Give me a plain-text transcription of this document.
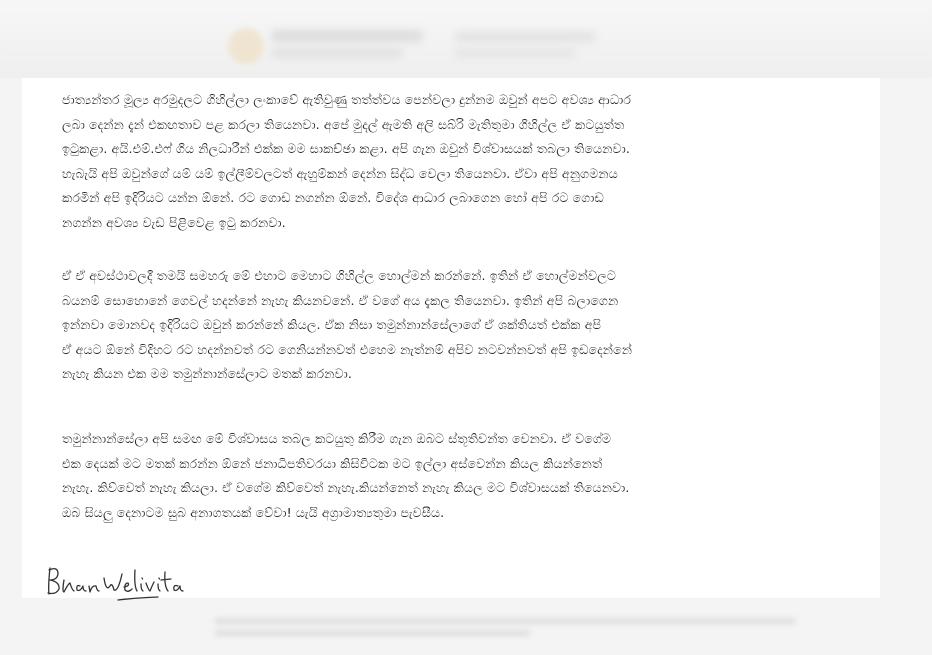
ජාත්‍යන්තර මූල්‍ය අරමුදලට ගිහිල්ලා ලංකාවේ ඇතිවුණු තත්ත්වය පෙන්වලා දුන්නම ඔවුන් අපට අවශ්‍ය ආධාර
ලබා දෙන්න දැන් එකඟතාව පළ කරලා තියෙනවා. අපේ මුදල් ඇමති අලි සබ්රි මැතිතුමා ගිහිල්ල ඒ කටයුත්ත
ඉටුකළා. අයි.එම්.එෆ් ගිය නිලධාරීන් එක්ක මම සාකච්ඡා කළා. අපි ගැන ඔවුන් විශ්වාසයක් තබලා තියෙනවා.
හැබැයි අපි ඔවුන්ගේ යම් යම් ඉල්ලීම්වලටත් ඇහුම්කන් දෙන්න සිද්ධ වෙලා තියෙනවා. ඒවා අපි අනුගමනය
කරමින් අපි ඉදිරියට යන්න ඕනේ. රට ගොඩ නගන්න ඕනේ. විදේශ ආධාර ලබාගෙන හෝ අපි රට ගොඩ
නගන්න අවශ්‍ය වැඩ පිළිවෙළ ඉටු කරනවා.
ඒ ඒ අවස්ථාවලදී තමයි සමහරු මේ එහාට මෙහාට ගිහිල්ල හොල්මන් කරන්නේ. ඉතින් ඒ හොල්මන්වලට
බයනම් සොහොනේ ගෙවල් හදන්නේ නැහැ කියනවනේ. ඒ වගේ අය දැකල තියෙනවා. ඉතින් අපි බලාගෙන
ඉන්නවා මොනවද ඉදිරියට ඔවුන් කරන්නේ කියල. ඒක නිසා තමුන්නාන්සේලාගේ ඒ ශක්තියත් එක්ක අපි
ඒ අයට ඕනේ විදිහට රට හදන්නවත් රට ගෙනියන්නවත් එහෙම නැත්නම් අපිව නටවන්නවත් අපි ඉඩදෙන්නේ
නැහැ කියන එක මම තමුන්නාන්සේලාට මතක් කරනවා.
තමුන්නාන්සේලා අපි සමඟ මේ විශ්වාසය තබල කටයුතු කිරීම ගැන ඔබට ස්තූතිවන්ත වෙනවා. ඒ වගේම
එක දෙයක් මට මතක් කරන්න ඕනේ ජනාධිපතිවරයා කිසිවිටක මට ඉල්ලා අස්වෙන්න කියල කියන්නෙත්
නැහැ. කිව්වෙත් නැහැ කියලා. ඒ වගේම කිව්වෙත් නැහැ.කියන්නෙත් නැහැ කියල මට විශ්වාසයක් තියෙනවා.
ඔබ සියලු දෙනාටම සුබ අනාගතයක් වේවා! යැයි අග්‍රාමාත්‍යතුමා පැවසීය.
